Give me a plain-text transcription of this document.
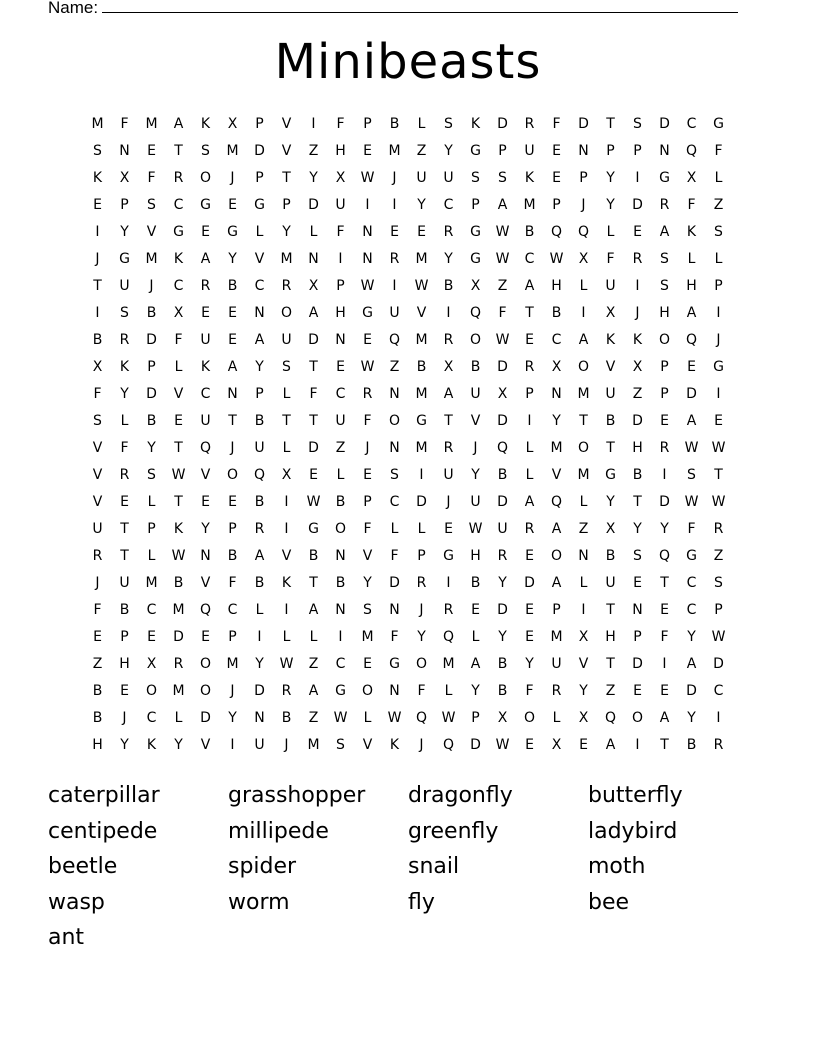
Name:
Minibeasts
M	F	M	A	K	X	P	V	I	F	P	B	L	S	K	D	R	F	D	T	S	D	C	G
S	N	E	T	S	M	D	V	Z	H	E	M	Z	Y	G	P	U	E	N	P	P	N	Q	F
K	X	F	R	O	J	P	T	Y	X	W	J	U	U	S	S	K	E	P	Y	I	G	X	L
E	P	S	C	G	E	G	P	D	U	I	I	Y	C	P	A	M	P	J	Y	D	R	F	Z
I	Y	V	G	E	G	L	Y	L	F	N	E	E	R	G	W	B	Q	Q	L	E	A	K	S
J	G	M	K	A	Y	V	M	N	I	N	R	M	Y	G	W	C	W	X	F	R	S	L	L
T	U	J	C	R	B	C	R	X	P	W	I	W	B	X	Z	A	H	L	U	I	S	H	P
I	S	B	X	E	E	N	O	A	H	G	U	V	I	Q	F	T	B	I	X	J	H	A	I
B	R	D	F	U	E	A	U	D	N	E	Q	M	R	O	W	E	C	A	K	K	O	Q	J
X	K	P	L	K	A	Y	S	T	E	W	Z	B	X	B	D	R	X	O	V	X	P	E	G
F	Y	D	V	C	N	P	L	F	C	R	N	M	A	U	X	P	N	M	U	Z	P	D	I
S	L	B	E	U	T	B	T	T	U	F	O	G	T	V	D	I	Y	T	B	D	E	A	E
V	F	Y	T	Q	J	U	L	D	Z	J	N	M	R	J	Q	L	M	O	T	H	R	W W
V	R	S	W	V	O	Q	X	E	L	E	S	I	U	Y	B	L	V	M	G	B	I	S	T
V	E	L	T	E	E	B	I	W	B	P	C	D	J	U	D	A	Q	L	Y	T	D	W W
U	T	P	K	Y	P	R	I	G	O	F	L	L	E	W	U	R	A	Z	X	Y	Y	F	R
R	T	L	W	N	B	A	V	B	N	V	F	P	G	H	R	E	O	N	B	S	Q	G	Z
J	U	M	B	V	F	B	K	T	B	Y	D	R	I	B	Y	D	A	L	U	E	T	C	S
F	B	C	M	Q	C	L	I	A	N	S	N	J	R	E	D	E	P	I	T	N	E	C	P
E	P	E	D	E	P	I	L	L	I	M	F	Y	Q	L	Y	E	M	X	H	P	F	Y	W
Z	H	X	R	O	M	Y	W	Z	C	E	G	O	M	A	B	Y	U	V	T	D	I	A	D
B	E	O	M	O	J	D	R	A	G	O	N	F	L	Y	B	F	R	Y	Z	E	E	D	C
B	J	C	L	D	Y	N	B	Z	W	L	W	Q	W	P	X	O	L	X	Q	O	A	Y	I
H	Y	K	Y	V	I	U	J	M	S	V	K	J	Q	D	W	E	X	E	A	I	T	B	R
caterpillar	grasshopper	dragonfly	butterfly
centipede	millipede	greenfly	ladybird
beetle	spider	snail	moth
wasp	worm	fly	bee
ant
